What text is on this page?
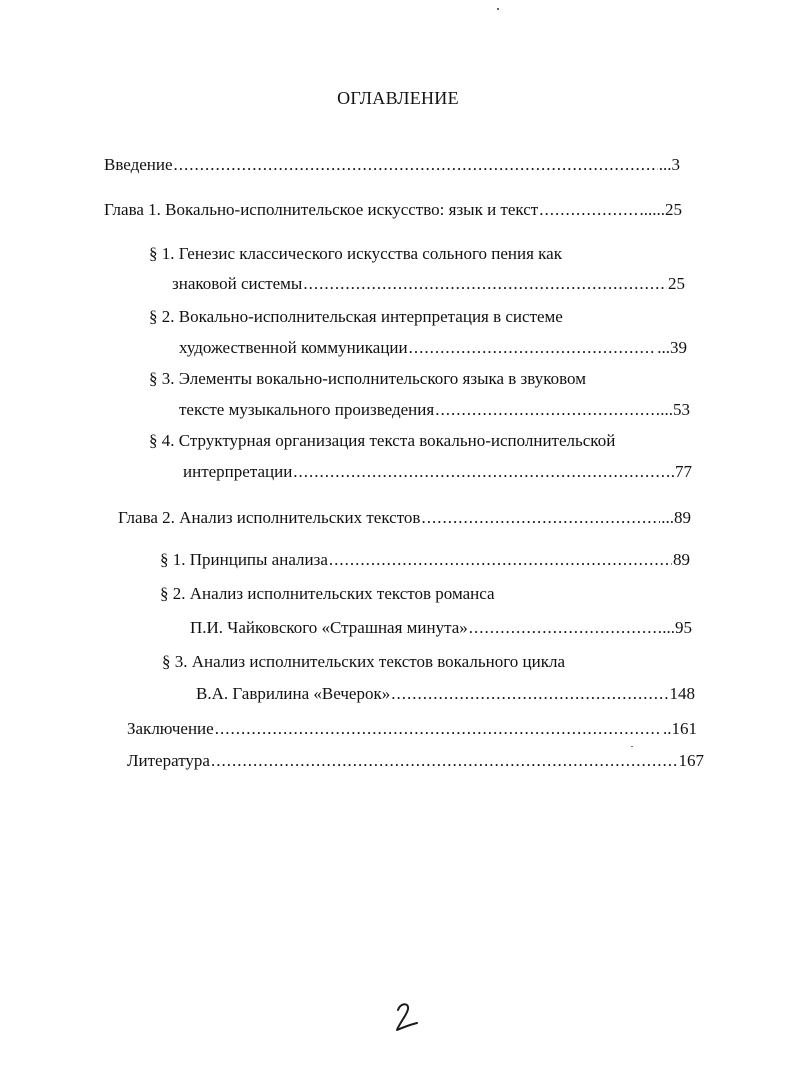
ОГЛАВЛЕНИЕ
Введение .....	...3
Глава 1. Вокально-исполнительское искусство: язык и текст .....	......25
§ 1. Генезис классического искусства сольного пения как
знаковой системы .....	25
§ 2. Вокально-исполнительская интерпретация в системе
художественной коммуникации .....	...39
§ 3. Элементы вокально-исполнительского языка в звуковом
тексте музыкального произведения .....	...53
§ 4. Структурная организация текста вокально-исполнительской
интерпретации .....	.77
Глава 2. Анализ исполнительских текстов .....	...89
§ 1. Принципы анализа .....	89
§ 2. Анализ исполнительских текстов романса
П.И. Чайковского «Страшная минута» .....	...95
§ 3. Анализ исполнительских текстов вокального цикла
В.А. Гаврилина «Вечерок» .....	148
Заключение .....	..161
Литература .....	167
